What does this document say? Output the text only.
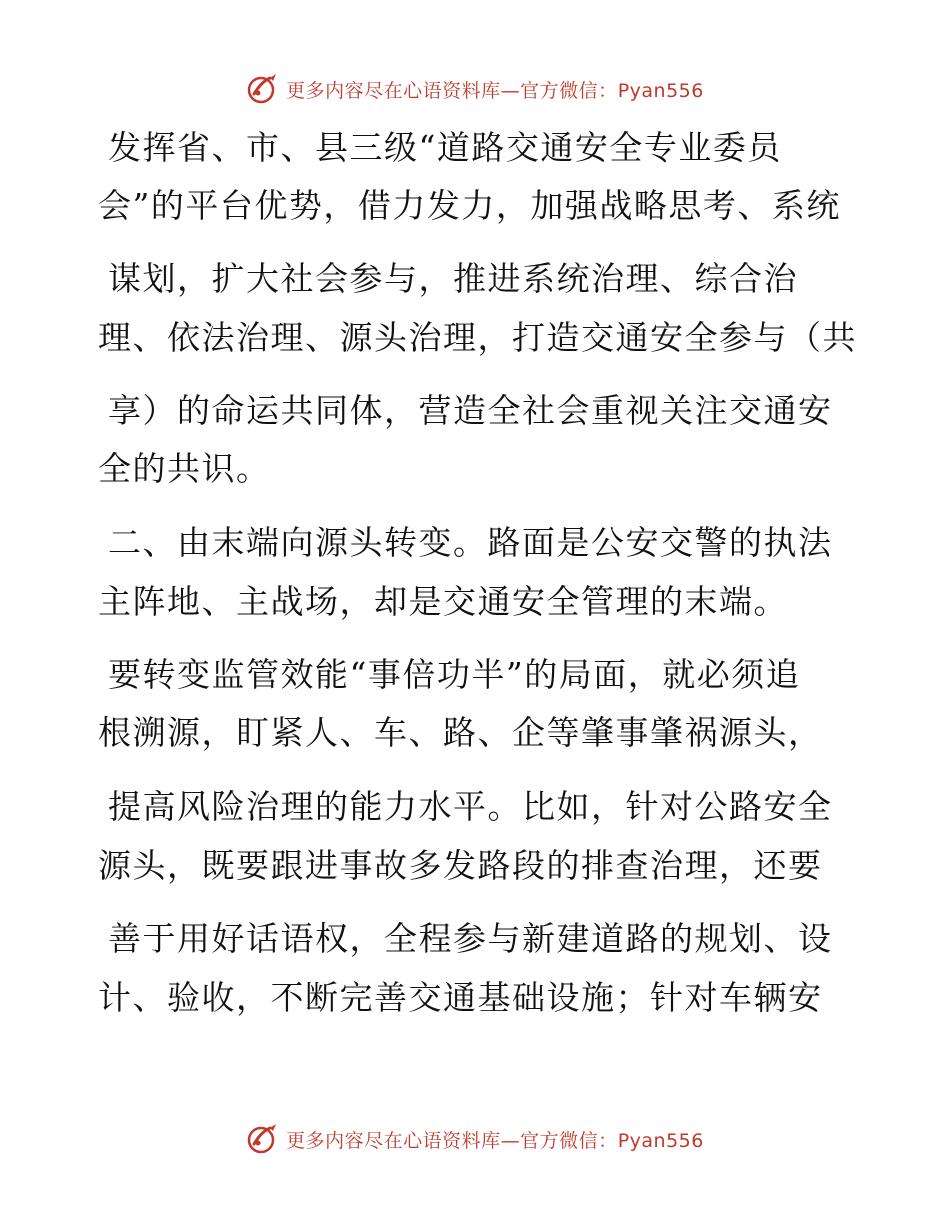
更多内容尽在心语资料库—官方微信：Pyan556
发挥省、市、县三级“道路交通安全专业委员
会”的平台优势，借力发力，加强战略思考、系统
谋划，扩大社会参与，推进系统治理、综合治
理、依法治理、源头治理，打造交通安全参与（共
享）的命运共同体，营造全社会重视关注交通安
全的共识。
二、由末端向源头转变。路面是公安交警的执法
主阵地、主战场，却是交通安全管理的末端。
要转变监管效能“事倍功半”的局面，就必须追
根溯源，盯紧人、车、路、企等肇事肇祸源头，
提高风险治理的能力水平。比如，针对公路安全
源头，既要跟进事故多发路段的排查治理，还要
善于用好话语权，全程参与新建道路的规划、设
计、验收，不断完善交通基础设施；针对车辆安
更多内容尽在心语资料库—官方微信：Pyan556
